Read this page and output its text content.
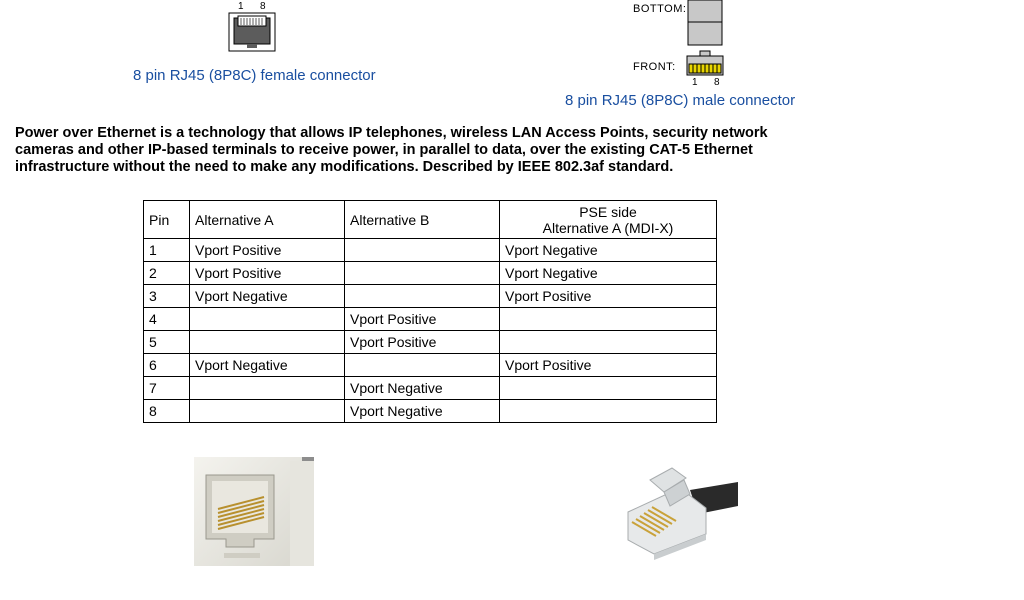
1 8
8 pin RJ45 (8P8C) female connector
BOTTOM:
FRONT:
1 8
8 pin RJ45 (8P8C) male connector
Power over Ethernet is a technology that allows IP telephones, wireless LAN Access Points, security network cameras and other IP-based terminals to receive power, in parallel to data, over the existing CAT-5 Ethernet infrastructure without the need to make any modifications. Described by IEEE 802.3af standard.
Pin	Alternative A	Alternative B	PSE side
Alternative A (MDI-X)

1	Vport Positive		Vport Negative
2	Vport Positive		Vport Negative
3	Vport Negative		Vport Positive
4		Vport Positive	
5		Vport Positive	
6	Vport Negative		Vport Positive
7		Vport Negative	
8		Vport Negative	
